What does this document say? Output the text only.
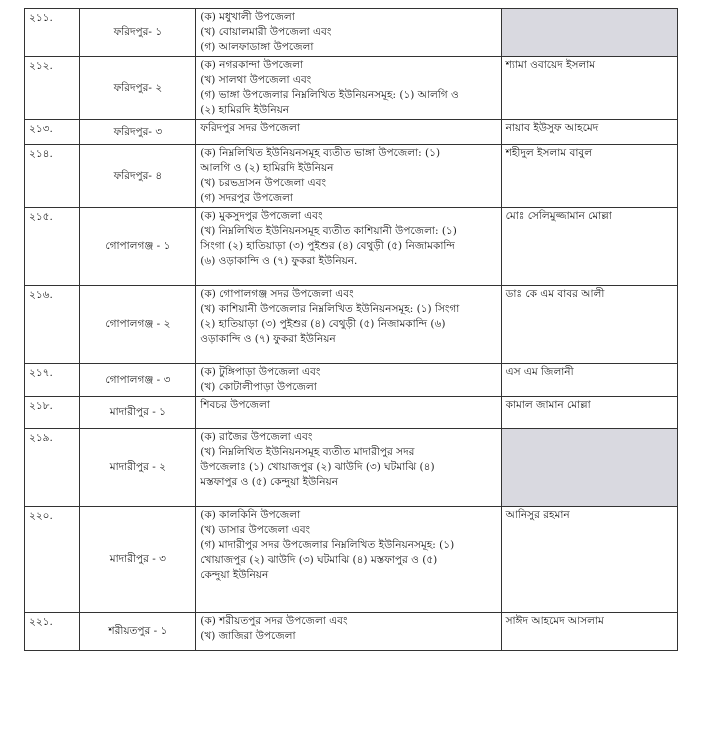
২১১.	ফরিদপুর- ১	(ক) মধুখালী উপজেলা
(খ) বোয়ালমারী উপজেলা এবং
(গ) আলফাডাঙ্গা উপজেলা	

২১২.	ফরিদপুর- ২	(ক) নগরকান্দা উপজেলা
(খ) সালথা উপজেলা এবং
(গ) ভাঙ্গা উপজেলার নিম্নলিখিত ইউনিয়নসমূহ: (১) আলগি ও
(২) হামিরদি ইউনিয়ন	শ্যামা ওবায়েদ ইসলাম
২১৩.	ফরিদপুর- ৩	ফরিদপুর সদর উপজেলা	নায়াব ইউসুফ আহমেদ
২১৪.	ফরিদপুর- ৪	(ক) নিম্নলিখিত ইউনিয়নসমূহ ব্যতীত ভাঙ্গা উপজেলা: (১)
আলগি ও (২) হামিরদি ইউনিয়ন
(খ) চরভদ্রাসন উপজেলা এবং
(গ) সদরপুর উপজেলা	শহীদুল ইসলাম বাবুল
২১৫.	গোপালগঞ্জ - ১	(ক) মুকসুদপুর উপজেলা এবং
(খ) নিম্নলিখিত ইউনিয়নসমূহ ব্যতীত কাশিয়ানী উপজেলা: (১)
সিংগা (২) হাতিয়াড়া (৩) পুইশুর (৪) বেথুড়ী (৫) নিজামকান্দি
(৬) ওড়াকান্দি ও (৭) ফুকরা ইউনিয়ন.	মোঃ সেলিমুজ্জামান মোল্লা
২১৬.	গোপালগঞ্জ - ২	(ক) গোপালগঞ্জ সদর উপজেলা এবং
(খ) কাশিয়ানী উপজেলার নিম্নলিখিত ইউনিয়নসমূহ: (১) সিংগা
(২) হাতিয়াড়া (৩) পুইশুর (৪) বেথুড়ী (৫) নিজামকান্দি (৬)
ওড়াকান্দি ও (৭) ফুকরা ইউনিয়ন	ডাঃ কে এম বাবর আলী
২১৭.	গোপালগঞ্জ - ৩	(ক) টুঙ্গিপাড়া উপজেলা এবং
(খ) কোটালীপাড়া উপজেলা	এস এম জিলানী
২১৮.	মাদারীপুর - ১	শিবচর উপজেলা	কামাল জামান মোল্লা
২১৯.	মাদারীপুর - ২	(ক) রাজৈর উপজেলা এবং
(খ) নিম্নলিখিত ইউনিয়নসমূহ ব্যতীত মাদারীপুর সদর
উপজেলাঃ (১) খোয়াজপুর (২) ঝাউদি (৩) ঘটমাঝি (৪)
মস্তফাপুর ও (৫) কেন্দুয়া ইউনিয়ন	

২২০.	মাদারীপুর - ৩	(ক) কালকিনি উপজেলা
(খ) ডাসার উপজেলা এবং
(গ) মাদারীপুর সদর উপজেলার নিম্নলিখিত ইউনিয়নসমূহ: (১)
খোয়াজপুর (২) ঝাউদি (৩) ঘটমাঝি (৪) মস্তফাপুর ও (৫)
কেন্দুয়া ইউনিয়ন	আনিসুর রহমান
২২১.	শরীয়তপুর - ১	(ক) শরীয়তপুর সদর উপজেলা এবং
(খ) জাজিরা উপজেলা	সাঈদ আহমেদ আসলাম
